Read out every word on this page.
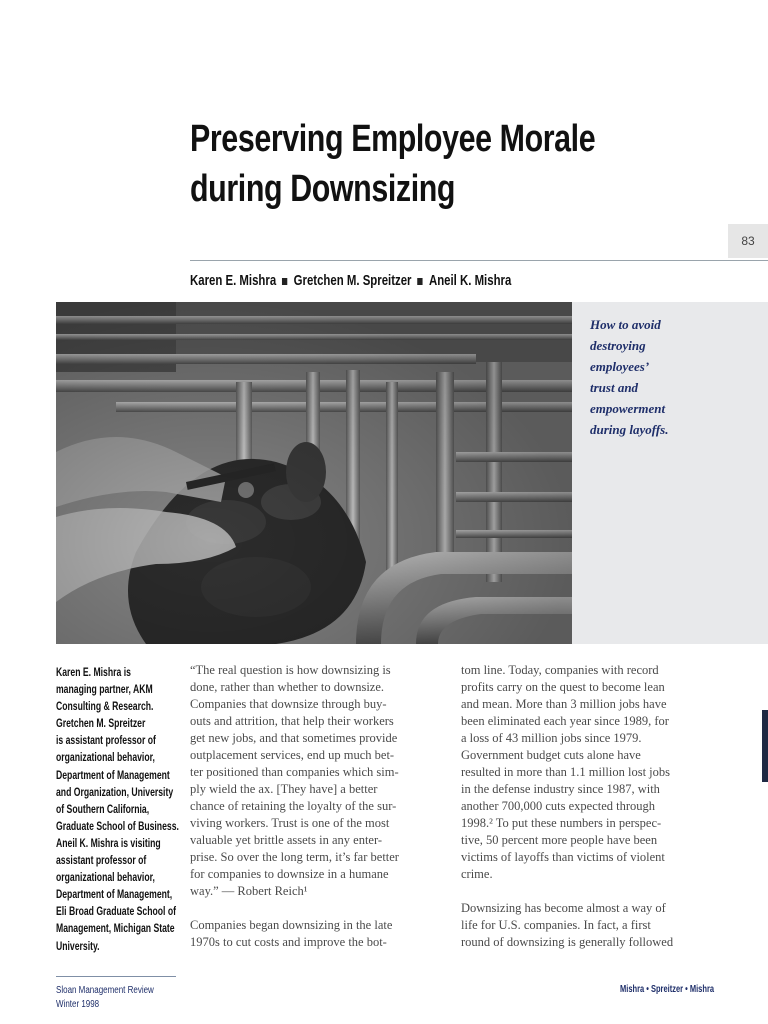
Preserving Employee Morale
during Downsizing
83
Karen E. Mishra Gretchen M. Spreitzer Aneil K. Mishra
How to avoid
destroying
employees’
trust and
empowerment
during layoffs.
Karen E. Mishra is
managing partner, AKM
Consulting & Research.
Gretchen M. Spreitzer
is assistant professor of
organizational behavior,
Department of Management
and Organization, University
of Southern California,
Graduate School of Business.
Aneil K. Mishra is visiting
assistant professor of
organizational behavior,
Department of Management,
Eli Broad Graduate School of
Management, Michigan State
University.
“The real question is how downsizing is
done, rather than whether to downsize.
Companies that downsize through buy-
outs and attrition, that help their workers
get new jobs, and that sometimes provide
outplacement services, end up much bet-
ter positioned than companies which sim-
ply wield the ax. [They have] a better
chance of retaining the loyalty of the sur-
viving workers. Trust is one of the most
valuable yet brittle assets in any enter-
prise. So over the long term, it’s far better
for companies to downsize in a humane
way.” — Robert Reich¹
Companies began downsizing in the late
1970s to cut costs and improve the bot-
tom line. Today, companies with record
profits carry on the quest to become lean
and mean. More than 3 million jobs have
been eliminated each year since 1989, for
a loss of 43 million jobs since 1979.
Government budget cuts alone have
resulted in more than 1.1 million lost jobs
in the defense industry since 1987, with
another 700,000 cuts expected through
1998.² To put these numbers in perspec-
tive, 50 percent more people have been
victims of layoffs than victims of violent
crime.
Downsizing has become almost a way of
life for U.S. companies. In fact, a first
round of downsizing is generally followed
Sloan Management Review
Winter 1998
Mishra • Spreitzer • Mishra
